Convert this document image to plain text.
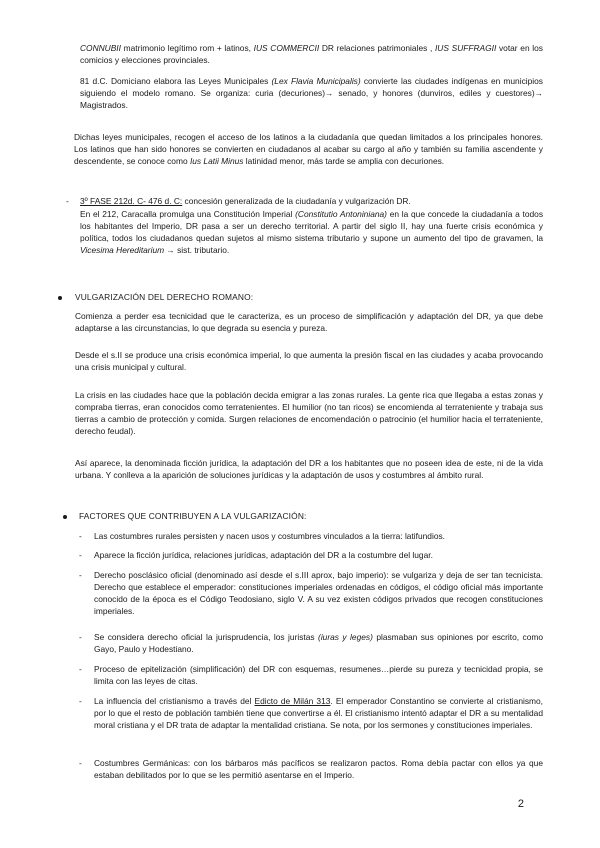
CONNUBII matrimonio legítimo rom + latinos, IUS COMMERCII DR relaciones patrimoniales , IUS SUFFRAGII votar en los comicios y elecciones provinciales.

81 d.C. Domiciano elabora las Leyes Municipales (Lex Flavia Municipalis) convierte las ciudades indígenas en municipios siguiendo el modelo romano. Se organiza: curia (decuriones)→ senado, y honores (dunviros, ediles y cuestores)→ Magistrados.

Dichas leyes municipales, recogen el acceso de los latinos a la ciudadanía que quedan limitados a los principales honores. Los latinos que han sido honores se convierten en ciudadanos al acabar su cargo al año y también su familia ascendente y descendente, se conoce como Ius Latii Minus latinidad menor, más tarde se amplia con decuriones.

- 3º FASE 212d. C- 476 d. C: concesión generalizada de la ciudadanía y vulgarización DR.

En el 212, Caracalla promulga una Constitución Imperial (Constitutio Antoniniana) en la que concede la ciudadanía a todos los habitantes del Imperio, DR pasa a ser un derecho territorial. A partir del siglo II, hay una fuerte crisis económica y política, todos los ciudadanos quedan sujetos al mismo sistema tributario y supone un aumento del tipo de gravamen, la Vicesima Hereditarium → sist. tributario.

VULGARIZACIÓN DEL DERECHO ROMANO:

Comienza a perder esa tecnicidad que le caracteriza, es un proceso de simplificación y adaptación del DR, ya que debe adaptarse a las circunstancias, lo que degrada su esencia y pureza.

Desde el s.II se produce una crisis económica imperial, lo que aumenta la presión fiscal en las ciudades y acaba provocando una crisis municipal y cultural.

La crisis en las ciudades hace que la población decida emigrar a las zonas rurales. La gente rica que llegaba a estas zonas y compraba tierras, eran conocidos como terratenientes. El humilior (no tan ricos) se encomienda al terrateniente y trabaja sus tierras a cambio de protección y comida. Surgen relaciones de encomendación o patrocinio (el humilior hacia el terrateniente, derecho feudal).

Así aparece, la denominada ficción jurídica, la adaptación del DR a los habitantes que no poseen idea de este, ni de la vida urbana. Y conlleva a la aparición de soluciones jurídicas y la adaptación de usos y costumbres al ámbito rural.

FACTORES QUE CONTRIBUYEN A LA VULGARIZACIÓN:
- Las costumbres rurales persisten y nacen usos y costumbres vinculados a la tierra: latifundios.

- Aparece la ficción jurídica, relaciones jurídicas, adaptación del DR a la costumbre del lugar.

- Derecho posclásico oficial (denominado así desde el s.III aprox, bajo imperio): se vulgariza y deja de ser tan tecnicista. Derecho que establece el emperador: constituciones imperiales ordenadas en códigos, el código oficial más importante conocido de la época es el Código Teodosiano, siglo V. A su vez existen códigos privados que recogen constituciones imperiales.

- Se considera derecho oficial la jurisprudencia, los juristas (iuras y leges) plasmaban sus opiniones por escrito, como Gayo, Paulo y Hodestiano.

- Proceso de epitelización (simplificación) del DR con esquemas, resumenes…pierde su pureza y tecnicidad propia, se limita con las leyes de citas.

- La influencia del cristianismo a través del Edicto de Milán 313. El emperador Constantino se convierte al cristianismo, por lo que el resto de población también tiene que convertirse a él. El cristianismo intentó adaptar el DR a su mentalidad moral cristiana y el DR trata de adaptar la mentalidad cristiana. Se nota, por los sermones y constituciones imperiales.

- Costumbres Germánicas: con los bárbaros más pacíficos se realizaron pactos. Roma debía pactar con ellos ya que estaban debilitados por lo que se les permitió asentarse en el Imperio.

2
